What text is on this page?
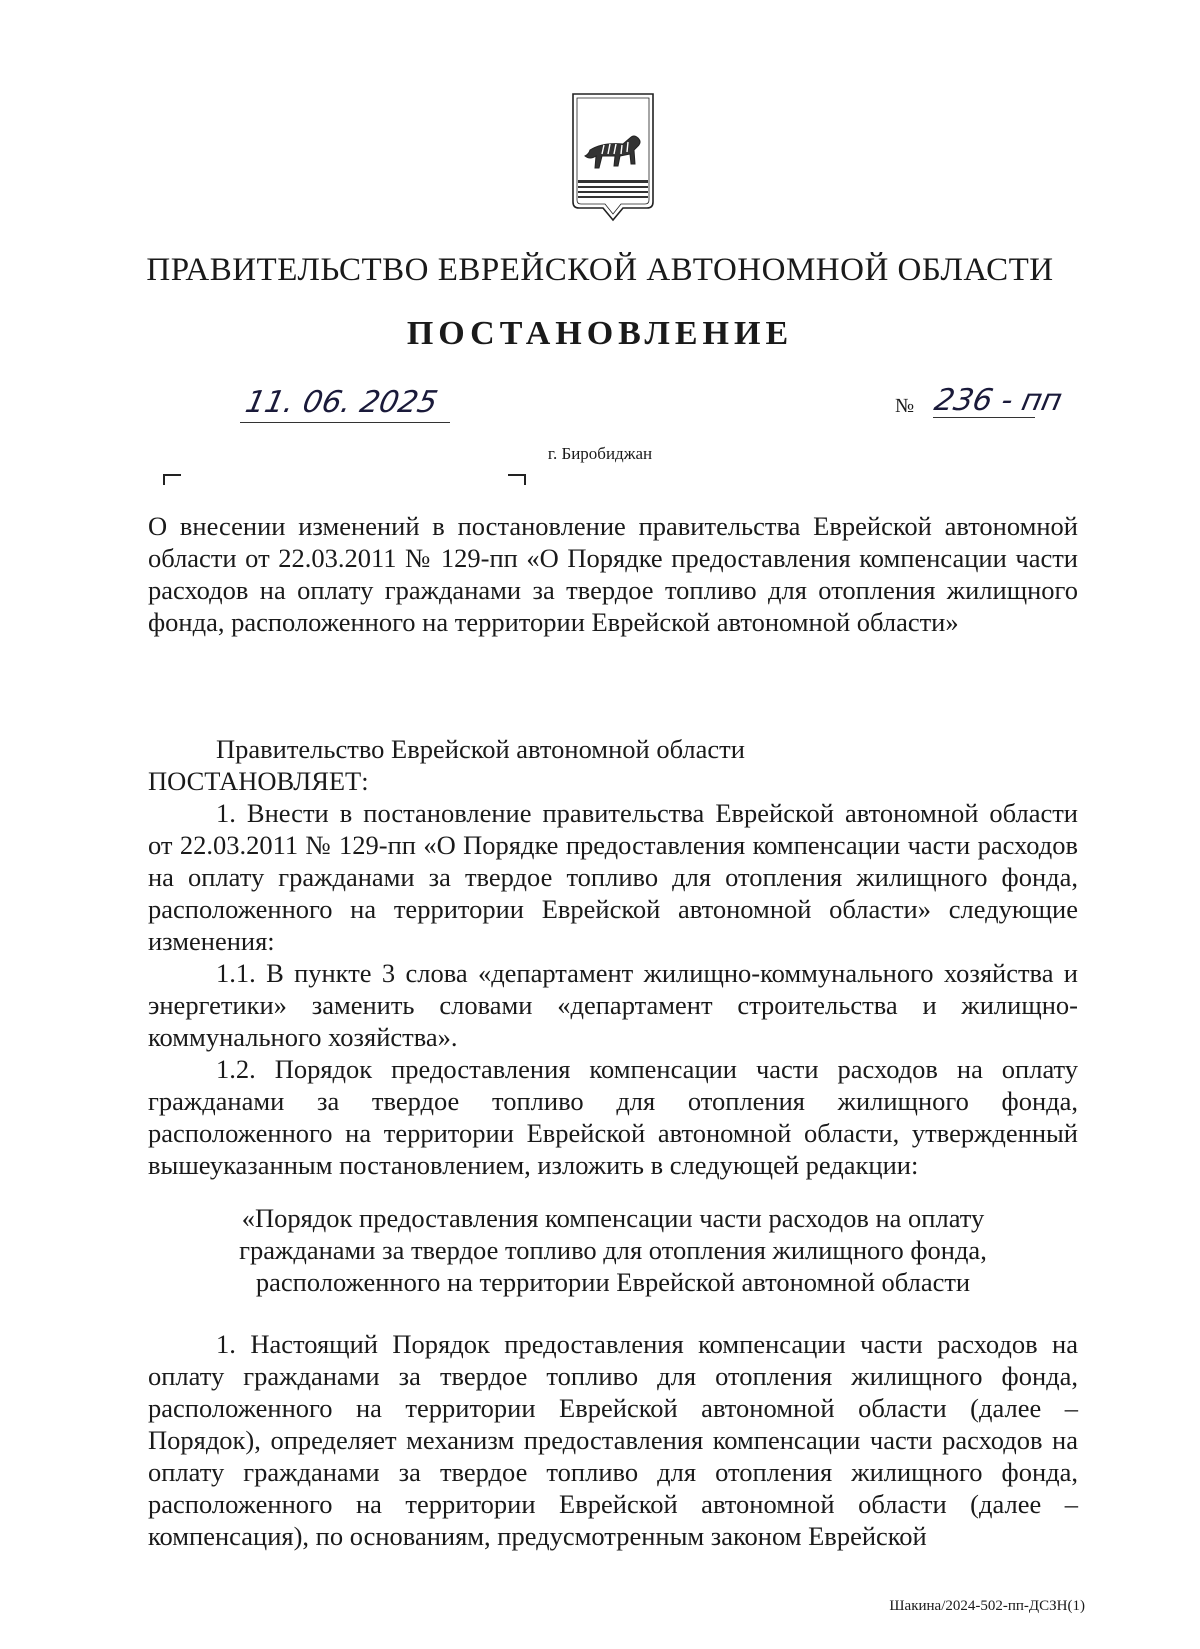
ПРАВИТЕЛЬСТВО ЕВРЕЙСКОЙ АВТОНОМНОЙ ОБЛАСТИ
ПОСТАНОВЛЕНИЕ
11. 06. 2025	№ 236 - пп
г. Биробиджан
О внесении изменений в постановление правительства Еврейской автономной области от 22.03.2011 № 129-пп «О Порядке предоставления компенсации части расходов на оплату гражданами за твердое топливо для отопления жилищного фонда, расположенного на территории Еврейской автономной области»
Правительство Еврейской автономной области
ПОСТАНОВЛЯЕТ:

1. Внести в постановление правительства Еврейской автономной области от 22.03.2011 № 129-пп «О Порядке предоставления компенсации части расходов на оплату гражданами за твердое топливо для отопления жилищного фонда, расположенного на территории Еврейской автономной области» следующие изменения:

1.1. В пункте 3 слова «департамент жилищно-коммунального хозяйства и энергетики» заменить словами «департамент строительства и жилищно-коммунального хозяйства».

1.2. Порядок предоставления компенсации части расходов на оплату гражданами за твердое топливо для отопления жилищного фонда, расположенного на территории Еврейской автономной области, утвержденный вышеуказанным постановлением, изложить в следующей редакции:

«Порядок предоставления компенсации части расходов на оплату

гражданами за твердое топливо для отопления жилищного фонда,

расположенного на территории Еврейской автономной области

1. Настоящий Порядок предоставления компенсации части расходов на оплату гражданами за твердое топливо для отопления жилищного фонда, расположенного на территории Еврейской автономной области (далее – Порядок), определяет механизм предоставления компенсации части расходов на оплату гражданами за твердое топливо для отопления жилищного фонда, расположенного на территории Еврейской автономной области (далее – компенсация), по основаниям, предусмотренным законом Еврейской

Шакина/2024-502-пп-ДСЗН(1)
